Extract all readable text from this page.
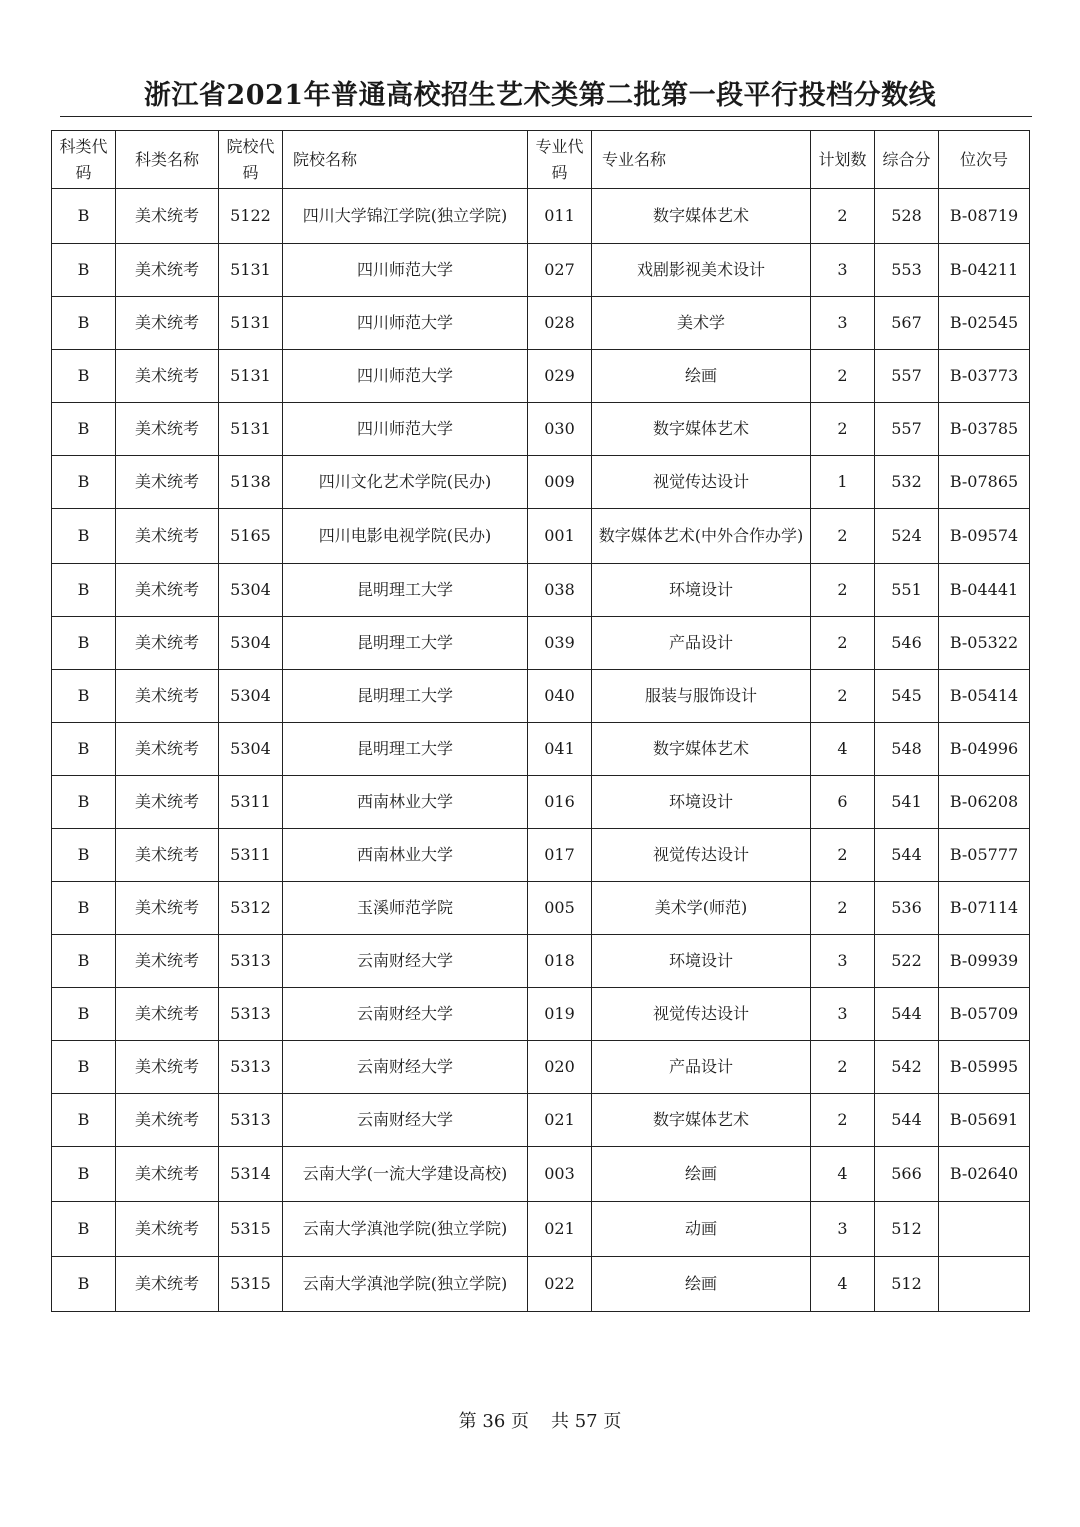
浙江省2021年普通高校招生艺术类第二批第一段平行投档分数线
科类代码	科类名称	院校代码	院校名称	专业代码	专业名称	计划数	综合分	位次号
B	美术统考	5122	四川大学锦江学院(独立学院)	011	数字媒体艺术	2	528	B-08719
B	美术统考	5131	四川师范大学	027	戏剧影视美术设计	3	553	B-04211
B	美术统考	5131	四川师范大学	028	美术学	3	567	B-02545
B	美术统考	5131	四川师范大学	029	绘画	2	557	B-03773
B	美术统考	5131	四川师范大学	030	数字媒体艺术	2	557	B-03785
B	美术统考	5138	四川文化艺术学院(民办)	009	视觉传达设计	1	532	B-07865
B	美术统考	5165	四川电影电视学院(民办)	001	数字媒体艺术(中外合作办学)	2	524	B-09574
B	美术统考	5304	昆明理工大学	038	环境设计	2	551	B-04441
B	美术统考	5304	昆明理工大学	039	产品设计	2	546	B-05322
B	美术统考	5304	昆明理工大学	040	服装与服饰设计	2	545	B-05414
B	美术统考	5304	昆明理工大学	041	数字媒体艺术	4	548	B-04996
B	美术统考	5311	西南林业大学	016	环境设计	6	541	B-06208
B	美术统考	5311	西南林业大学	017	视觉传达设计	2	544	B-05777
B	美术统考	5312	玉溪师范学院	005	美术学(师范)	2	536	B-07114
B	美术统考	5313	云南财经大学	018	环境设计	3	522	B-09939
B	美术统考	5313	云南财经大学	019	视觉传达设计	3	544	B-05709
B	美术统考	5313	云南财经大学	020	产品设计	2	542	B-05995
B	美术统考	5313	云南财经大学	021	数字媒体艺术	2	544	B-05691
B	美术统考	5314	云南大学(一流大学建设高校)	003	绘画	4	566	B-02640
B	美术统考	5315	云南大学滇池学院(独立学院)	021	动画	3	512	
B	美术统考	5315	云南大学滇池学院(独立学院)	022	绘画	4	512	
第 36 页 共 57 页
